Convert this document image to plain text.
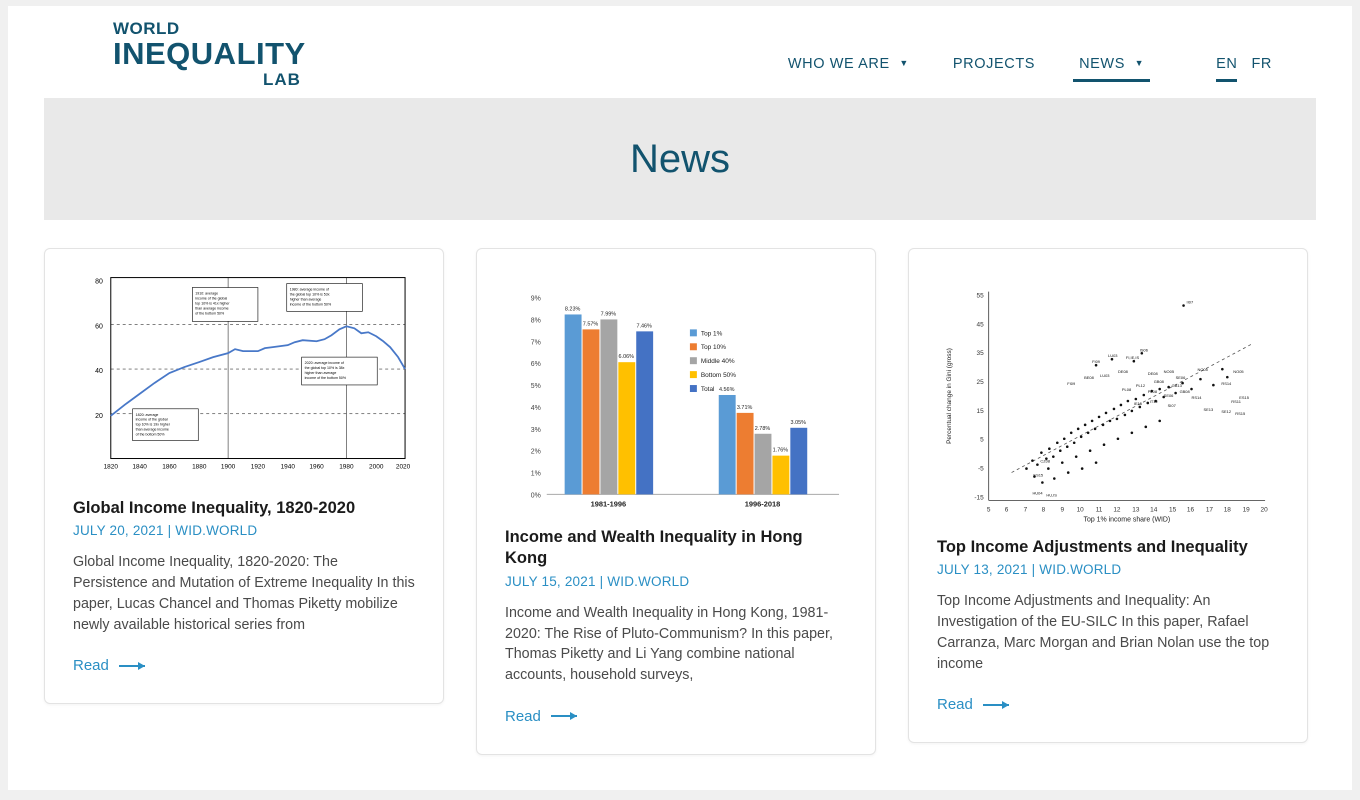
WORLD
INEQUALITY
LAB
WHO WE ARE ▼	PROJECTS	NEWS ▼	EN FR
News
20
40
60
80
1820 1840 1860 1880 1900 1920 1940 1960 1980 2000 2020
1820: average
income of the global
top 10% is 19x higher
than average income
of the bottom 50%
1910: average
income of the global
top 10% is 41x higher
than average income
of the bottom 50%
1980: average income of
the global top 10% is 53x
higher than average
income of the bottom 50%
2020: average income of
the global top 10% is 38x
higher than average
income of the bottom 50%
Global Income Inequality, 1820-2020
JULY 20, 2021 | WID.WORLD
Global Income Inequality, 1820-2020: The Persistence and Mutation of Extreme Inequality In this paper, Lucas Chancel and Thomas Piketty mobilize newly available historical series from
Read
0%
1%
2%
3%
4%
5%
6%
7%
8%
9%
8.23%
7.57%
7.99%
6.06%
7.46%
4.56%
3.71%
2.78%
1.76%
3.05%
1981-1996	1996-2018
Top 1%
Top 10%
Middle 40%
Bottom 50%
Total
Income and Wealth Inequality in Hong Kong
JULY 15, 2021 | WID.WORLD
Income and Wealth Inequality in Hong Kong, 1981-2020: The Rise of Pluto-Communism? In this paper, Thomas Piketty and Li Yang combine national accounts, household surveys,
Read
55
45
35
25
15
5
-5
-15
5 6 7 8 9 10 11 12 13 14 15 16 17 18 19 20
Top 1% income share (WID)
Percentual change in Gini (gross)
II07
FI,IE,IS
IS06
FI09
LU03
FI09
BE08 LU03
DE08	DE08 NO05
SE06
NO05
PL12
GB08
GB13
PL08	PL08
SE06
GB08
IE15 IT12
SI07
RS14
RS14
NO05
SE13 SE12 RS15
RS11
ES15
ES15
HU04 HU,IS
CZ08
Top Income Adjustments and Inequality
JULY 13, 2021 | WID.WORLD
Top Income Adjustments and Inequality: An Investigation of the EU-SILC In this paper, Rafael Carranza, Marc Morgan and Brian Nolan use the top income
Read
